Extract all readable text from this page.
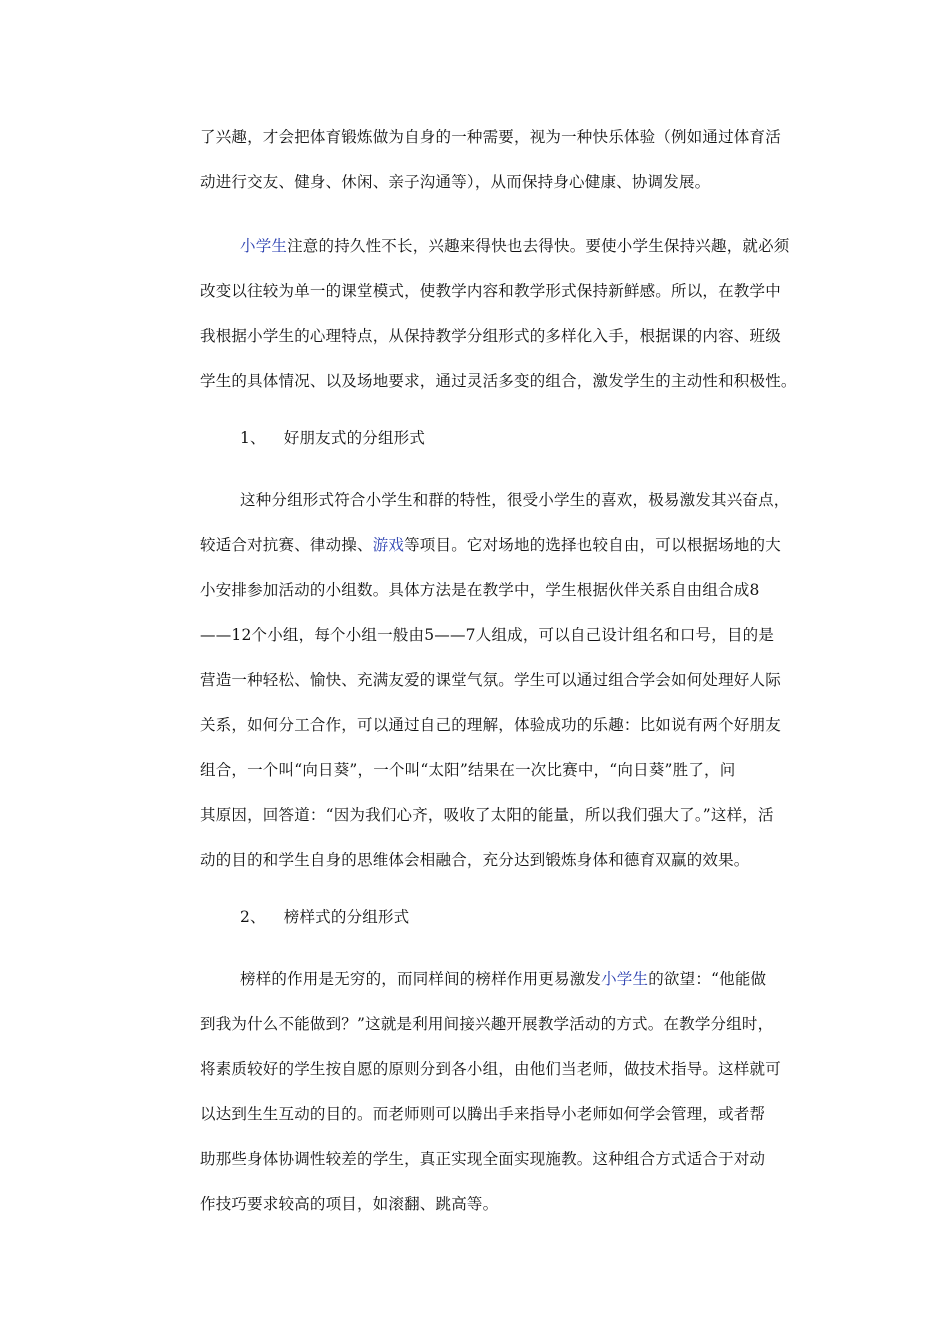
了兴趣，才会把体育锻炼做为自身的一种需要，视为一种快乐体验（例如通过体育活
动进行交友、健身、休闲、亲子沟通等），从而保持身心健康、协调发展。
小学生注意的持久性不长，兴趣来得快也去得快。要使小学生保持兴趣，就必须
改变以往较为单一的课堂模式，使教学内容和教学形式保持新鲜感。所以，在教学中
我根据小学生的心理特点，从保持教学分组形式的多样化入手，根据课的内容、班级
学生的具体情况、以及场地要求，通过灵活多变的组合，激发学生的主动性和积极性。
1、 好朋友式的分组形式
这种分组形式符合小学生和群的特性，很受小学生的喜欢，极易激发其兴奋点，
较适合对抗赛、律动操、游戏等项目。它对场地的选择也较自由，可以根据场地的大
小安排参加活动的小组数。具体方法是在教学中，学生根据伙伴关系自由组合成8
——12个小组，每个小组一般由5——7人组成，可以自己设计组名和口号，目的是
营造一种轻松、愉快、充满友爱的课堂气氛。学生可以通过组合学会如何处理好人际
关系，如何分工合作，可以通过自己的理解，体验成功的乐趣：比如说有两个好朋友
组合，一个叫“向日葵”，一个叫“太阳”结果在一次比赛中，“向日葵”胜了，问
其原因，回答道：“因为我们心齐，吸收了太阳的能量，所以我们强大了。”这样，活
动的目的和学生自身的思维体会相融合，充分达到锻炼身体和德育双赢的效果。
2、 榜样式的分组形式
榜样的作用是无穷的，而同样间的榜样作用更易激发小学生的欲望：“他能做
到我为什么不能做到？”这就是利用间接兴趣开展教学活动的方式。在教学分组时，
将素质较好的学生按自愿的原则分到各小组，由他们当老师，做技术指导。这样就可
以达到生生互动的目的。而老师则可以腾出手来指导小老师如何学会管理，或者帮
助那些身体协调性较差的学生，真正实现全面实现施教。这种组合方式适合于对动
作技巧要求较高的项目，如滚翻、跳高等。
